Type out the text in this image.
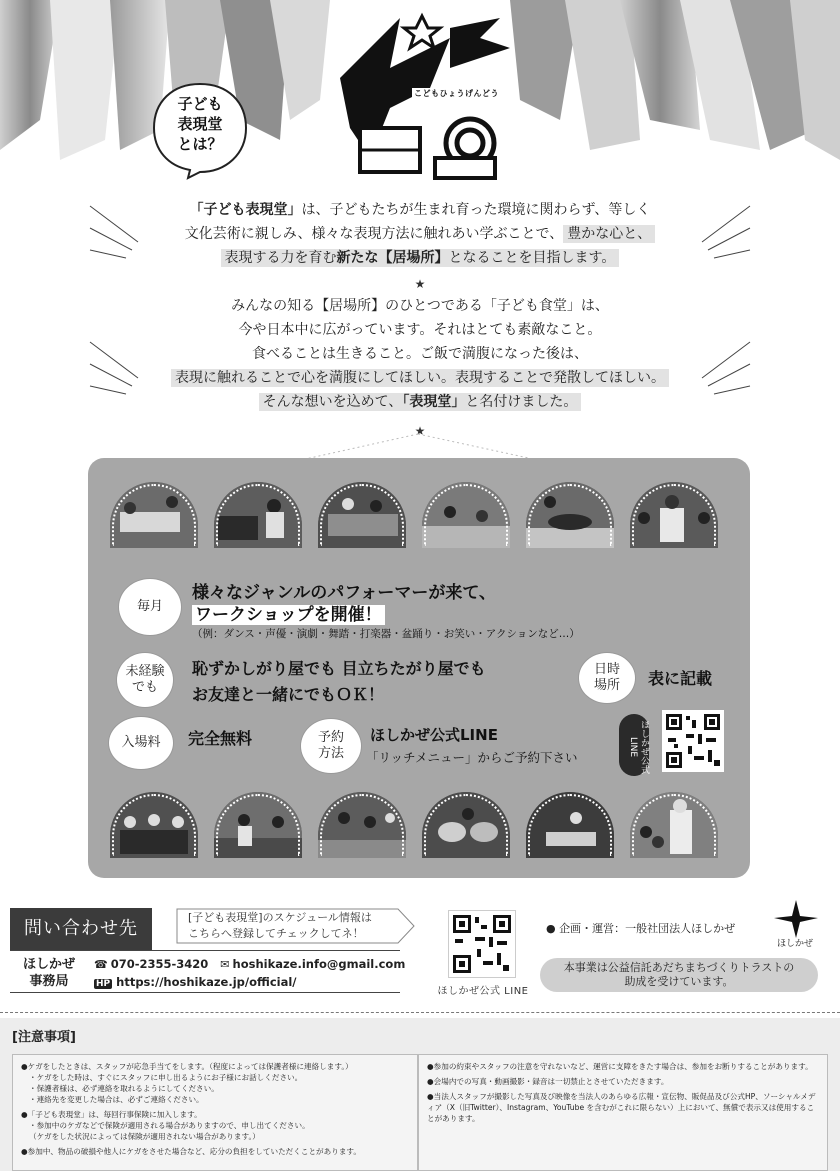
こどもひょうげんどう
子ども
表現堂
とは？
「子ども表現堂」は、子どもたちが生まれ育った環境に関わらず、等しく
文化芸術に親しみ、様々な表現方法に触れあい学ぶことで、 豊かな心と、
表現する力を育む新たな【居場所】となることを目指します。
★
みんなの知る【居場所】のひとつである「子ども食堂」は、
今や日本中に広がっています。それはとても素敵なこと。
食べることは生きること。ご飯で満腹になった後は、
表現に触れることで心を満腹にしてほしい。表現することで発散してほしい。
そんな想いを込めて、「表現堂」と名付けました。
★
毎月
様々なジャンルのパフォーマーが来て、
ワークショップを開催！
（例：ダンス・声優・演劇・舞踏・打楽器・盆踊り・お笑い・アクションなど…）
未経験でも
恥ずかしがり屋でも 目立ちたがり屋でも
お友達と一緒にでもＯＫ！
日時場所 表に記載
入場料	完全無料	予約方法
ほしかぜ公式LINE
「リッチメニュー」からご予約下さい	ほしかぜ公式LINE
問い合わせ先
[子ども表現堂]のスケジュール情報は
こちらへ登録してチェックしてネ！
ほしかぜ
事務局
☎ 070-2355-3420 ✉ hoshikaze.info@gmail.com
HP https://hoshikaze.jp/official/
ほしかぜ公式 LINE
● 企画・運営：一般社団法人ほしかぜ
ほしかぜ
本事業は公益信託あだちまちづくりトラストの
助成を受けています。
[注意事項]
●ケガをしたときは、スタッフが応急手当てをします。（程度によっては保護者様に連絡します。）
・ケガをした時は、すぐにスタッフに申し出るようにお子様にお話しください。
・保護者様は、必ず連絡を取れるようにしてください。
・連絡先を変更した場合は、必ずご連絡ください。
●「子ども表現堂」は、毎回行事保険に加入します。
・参加中のケガなどで保険が適用される場合がありますので、申し出てください。
（ケガをした状況によっては保険が適用されない場合があります。）
●参加中、物品の破損や他人にケガをさせた場合など、応分の負担をしていただくことがあります。
●参加の約束やスタッフの注意を守れないなど、運営に支障をきたす場合は、参加をお断りすることがあります。
●会場内での写真・動画撮影・録音は一切禁止とさせていただきます。
●当法人スタッフが撮影した写真及び映像を当法人のあらゆる広報・宣伝物、販促品及び公式HP、ソーシャルメディア（X（旧Twitter）、Instagram、YouTube を含むがこれに限らない）上において、無償で表示又は使用することがあります。
